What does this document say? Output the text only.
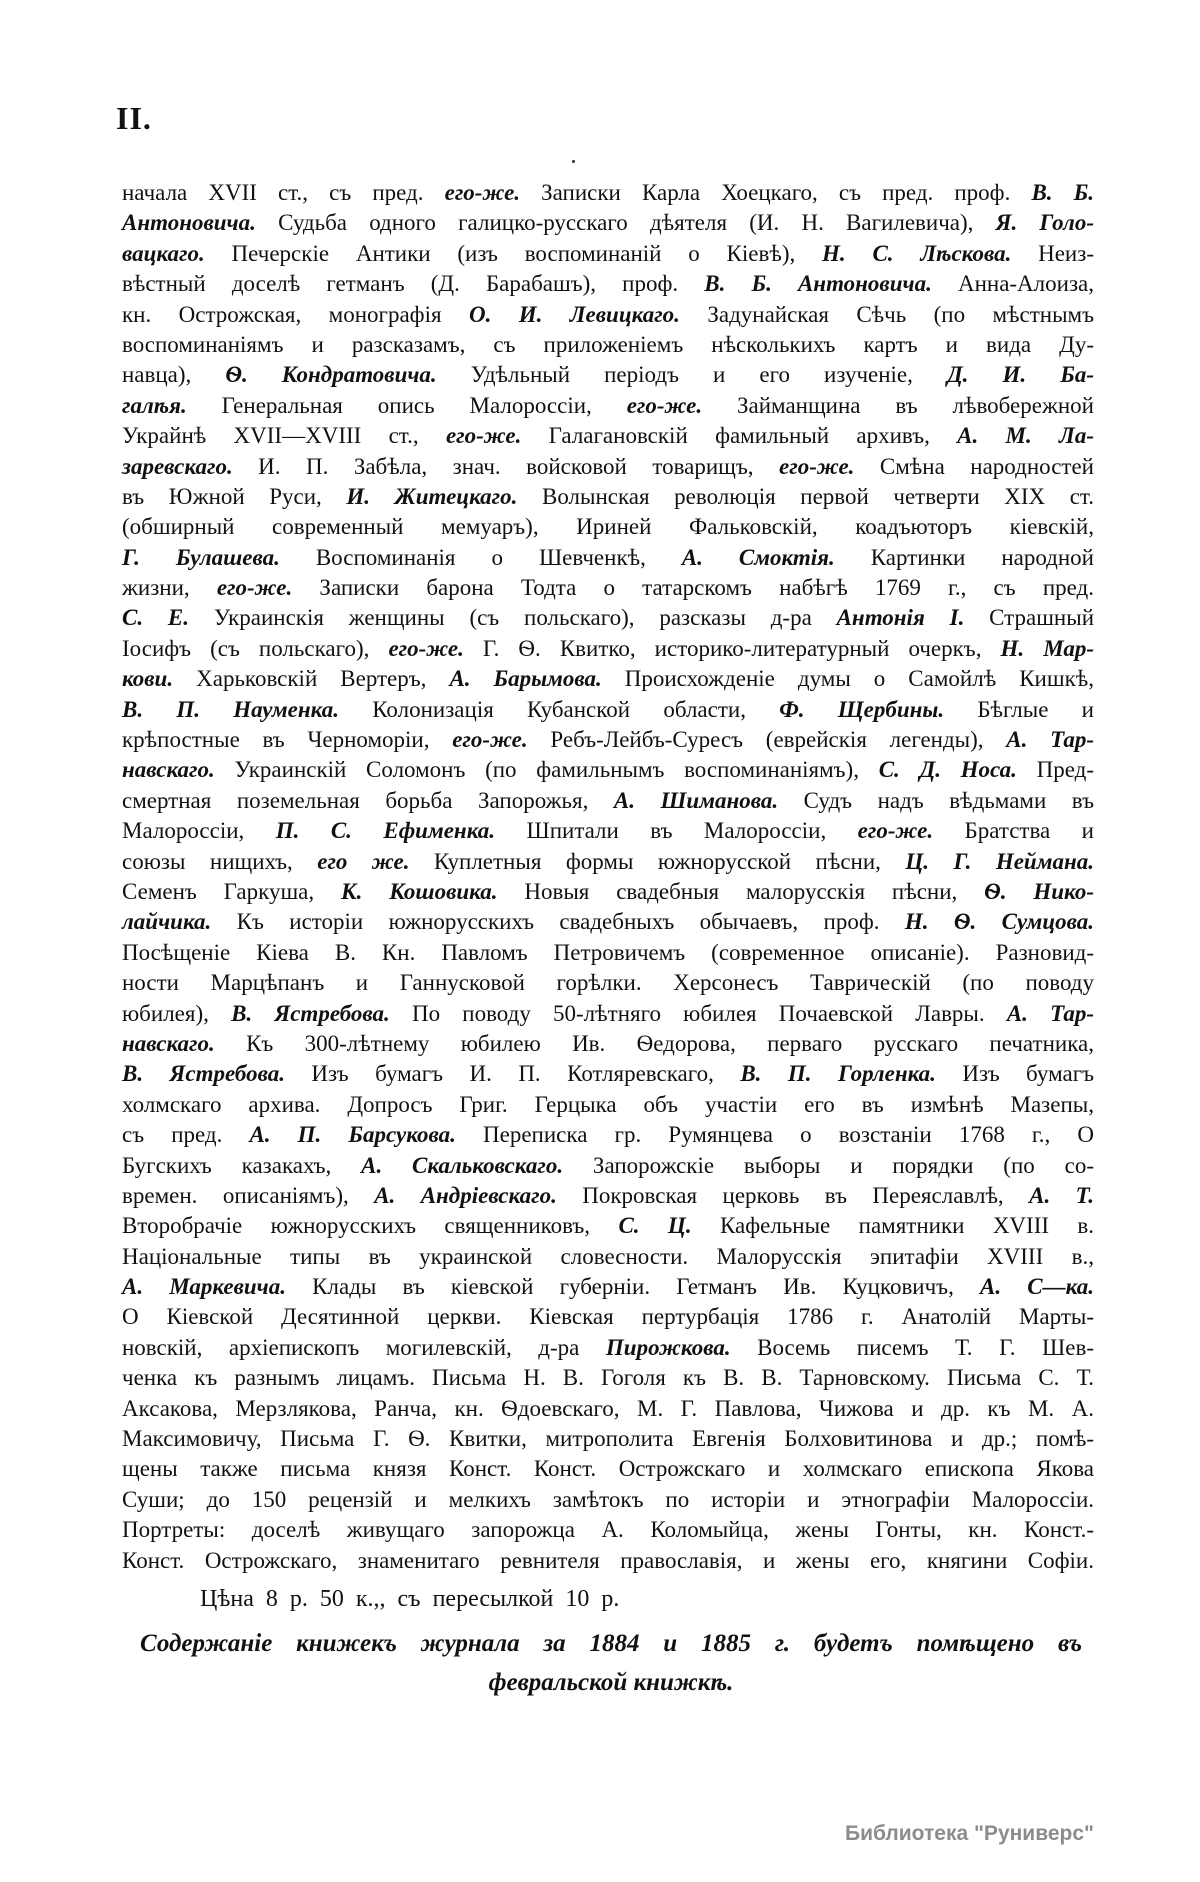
II.
начала XVII ст., съ пред. его-же. Записки Карла Хоецкаго, съ пред. проф. В. Б.
Антоновича. Судьба одного галицко-русскаго дѣятеля (И. Н. Вагилевича), Я. Голо-
вацкаго. Печерскіе Антики (изъ воспоминаній о Кіевѣ), Н. С. Лѣскова. Неиз-
вѣстный доселѣ гетманъ (Д. Барабашъ), проф. В. Б. Антоновича. Анна-Алоиза,
кн. Острожская, монографія О. И. Левицкаго. Задунайская Сѣчь (по мѣстнымъ
воспоминаніямъ и разсказамъ, съ приложеніемъ нѣсколькихъ картъ и вида Ду-
навца), Ѳ. Кондратовича. Удѣльный періодъ и его изученіе, Д. И. Ба-
галѣя. Генеральная опись Малороссіи, его-же. Займанщина въ лѣвобережной
Украйнѣ XVII—XVIII ст., его-же. Галагановскій фамильный архивъ, А. М. Ла-
заревскаго. И. П. Забѣла, знач. войсковой товарищъ, его-же. Смѣна народностей
въ Южной Руси, И. Житецкаго. Волынская революція первой четверти XIX ст.
(обширный современный мемуаръ), Ириней Фальковскій, коадъюторъ кіевскій,
Г. Булашева. Воспоминанія о Шевченкѣ, А. Смоктія. Картинки народной
жизни, его-же. Записки барона Тодта о татарскомъ набѣгѣ 1769 г., съ пред.
С. Е. Украинскія женщины (съ польскаго), разсказы д-ра Антонія І. Страшный
Іосифъ (съ польскаго), его-же. Г. Ѳ. Квитко, историко-литературный очеркъ, Н. Мар-
кови. Харьковскій Вертеръ, А. Барымова. Происхожденіе думы о Самойлѣ Кишкѣ,
В. П. Науменка. Колонизація Кубанской области, Ф. Щербины. Бѣглые и
крѣпостные въ Черноморіи, его-же. Ребъ-Лейбъ-Суресъ (еврейскія легенды), А. Тар-
навскаго. Украинскій Соломонъ (по фамильнымъ воспоминаніямъ), С. Д. Носа. Пред-
смертная поземельная борьба Запорожья, А. Шиманова. Судъ надъ вѣдьмами въ
Малороссіи, П. С. Ефименка. Шпитали въ Малороссіи, его-же. Братства и
союзы нищихъ, его же. Куплетныя формы южнорусской пѣсни, Ц. Г. Неймана.
Семенъ Гаркуша, К. Кошовика. Новыя свадебныя малорусскія пѣсни, Ѳ. Нико-
лайчика. Къ исторіи южнорусскихъ свадебныхъ обычаевъ, проф. Н. Ѳ. Сумцова.
Посѣщеніе Кіева В. Кн. Павломъ Петровичемъ (современное описаніе). Разновид-
ности Марцѣпанъ и Ганнусковой горѣлки. Херсонесъ Таврическій (по поводу
юбилея), В. Ястребова. По поводу 50-лѣтняго юбилея Почаевской Лавры. А. Тар-
навскаго. Къ 300-лѣтнему юбилею Ив. Ѳедорова, перваго русскаго печатника,
В. Ястребова. Изъ бумагъ И. П. Котляревскаго, В. П. Горленка. Изъ бумагъ
холмскаго архива. Допросъ Григ. Герцыка объ участіи его въ измѣнѣ Мазепы,
съ пред. А. П. Барсукова. Переписка гр. Румянцева о возстаніи 1768 г., О
Бугскихъ казакахъ, А. Скальковскаго. Запорожскіе выборы и порядки (по со-
времен. описаніямъ), А. Андріевскаго. Покровская церковь въ Переяславлѣ, А. Т.
Второбрачіе южнорусскихъ священниковъ, С. Ц. Кафельные памятники XVIII в.
Національные типы въ украинской словесности. Малорусскія эпитафіи XVIII в.,
А. Маркевича. Клады въ кіевской губерніи. Гетманъ Ив. Куцковичъ, А. С—ка.
О Кіевской Десятинной церкви. Кіевская пертурбація 1786 г. Анатолій Марты-
новскій, архіепископъ могилевскій, д-ра Пирожкова. Восемь писемъ Т. Г. Шев-
ченка къ разнымъ лицамъ. Письма Н. В. Гоголя къ В. В. Тарновскому. Письма С. Т.
Аксакова, Мерзлякова, Ранча, кн. Ѳдоевскаго, М. Г. Павлова, Чижова и др. къ М. А.
Максимовичу, Письма Г. Ѳ. Квитки, митрополита Евгенія Болховитинова и др.; помѣ-
щены также письма князя Конст. Конст. Острожскаго и холмскаго епископа Якова
Суши; до 150 рецензій и мелкихъ замѣтокъ по исторіи и этнографіи Малороссіи.
Портреты: доселѣ живущаго запорожца А. Коломыйца, жены Гонты, кн. Конст.-
Конст. Острожскаго, знаменитаго ревнителя православія, и жены его, княгини Софіи.
Цѣна 8 р. 50 к.,, съ пересылкой 10 р.
Содержаніе книжекъ журнала за 1884 и 1885 г. будетъ помѣщено въ
февральской книжкѣ.
Библиотека "Руниверс"
